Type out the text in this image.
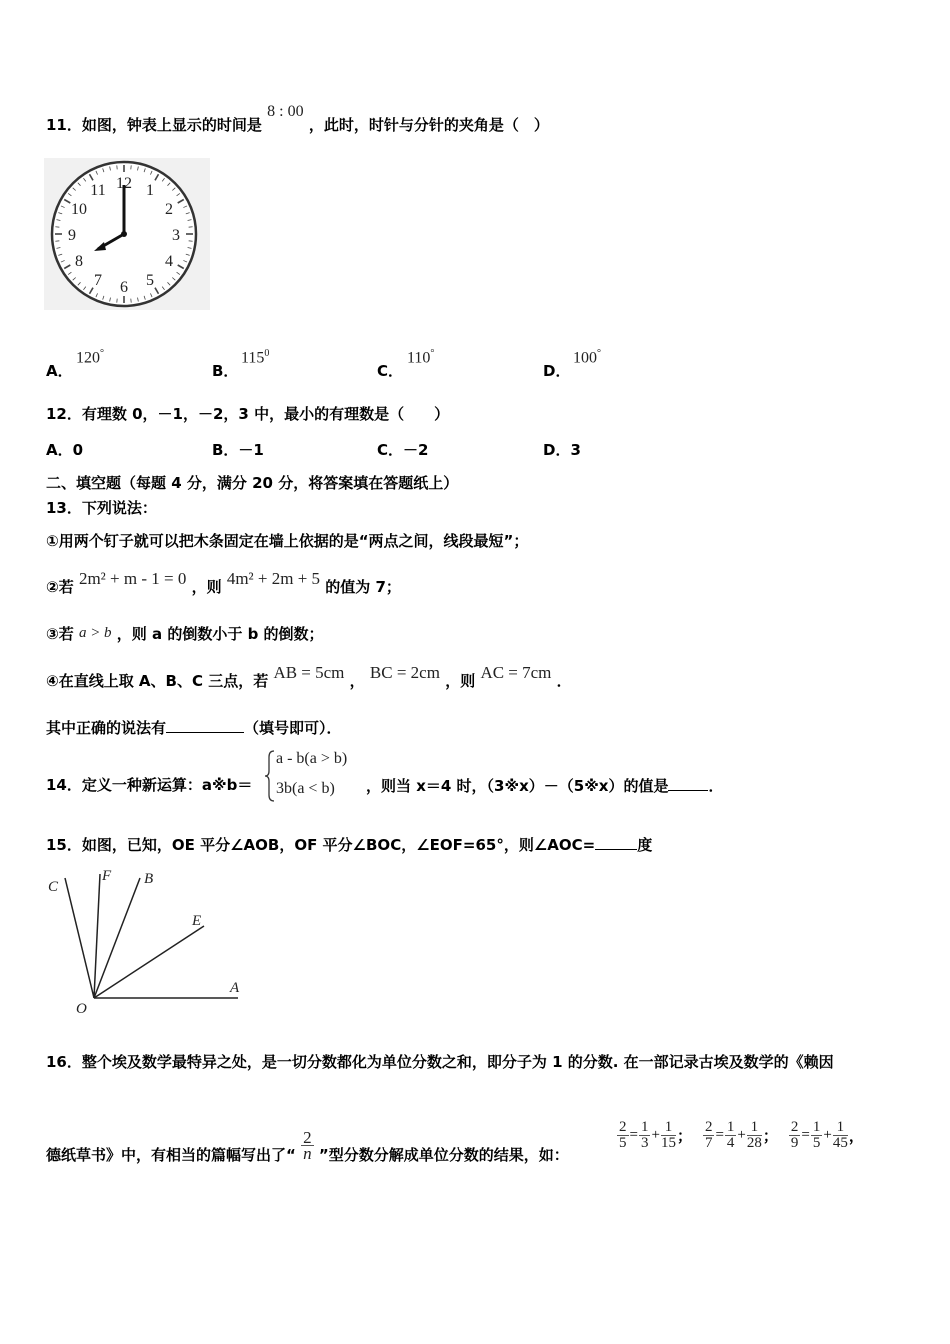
11．如图，钟表上显示的时间是 8 : 00 ，此时，时针与分针的夹角是（　）
12 1
2
3
4
5
6
7
8
9
10
11
A．
120°
B．
$115^0$
C．
110°
D．
100°
12．有理数 0，－1，－2，3 中，最小的有理数是（　　）
A．0	B．－1	C．－2	D．3
二、填空题（每题 4 分，满分 20 分，将答案填在答题纸上）
13．下列说法：
①用两个钉子就可以把木条固定在墙上依据的是“两点之间，线段最短”；
②若 2m² + m - 1 = 0 ，则 4m² + 2m + 5 的值为 7；
③若 a > b ，则 a 的倒数小于 b 的倒数；
④在直线上取 A、B、C 三点，若 AB = 5cm ， BC = 2cm ，则 AC = 7cm ．
其中正确的说法有	（填号即可）．
14．定义一种新运算：a※b＝
a - b(a > b)
3b(a < b) ，则当 x＝4 时，（3※x）－（5※x）的值是	．
15．如图，已知，OE 平分∠AOB，OF 平分∠BOC，∠EOF=65°，则∠AOC=	度
C
F B
E
A
O
16．整个埃及数学最特异之处，是一切分数都化为单位分数之和，即分子为 1 的分数. 在一部记录古埃及数学的《赖因
德纸草书》中，有相当的篇幅写出了“ $\frac{2}{n}$ ”型分数分解成单位分数的结果，如：
$\frac{2}{5} = \frac{1}{3} + \frac{1}{15}$ ； $\frac{2}{7} = \frac{1}{4} + \frac{1}{28}$ ； $\frac{2}{9} = \frac{1}{5} + \frac{1}{45}$ ，
